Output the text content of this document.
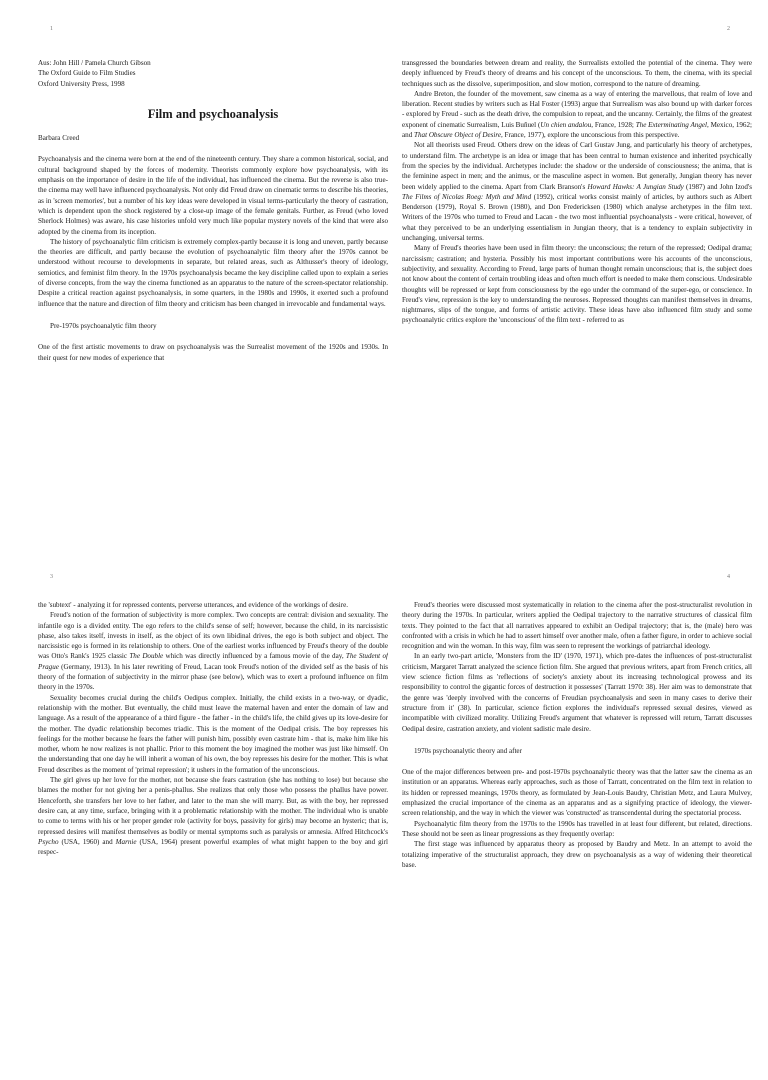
1
Aus: John Hill / Pamela Church Gibson
The Oxford Guide to Film Studies
Oxford University Press, 1998
Film and psychoanalysis
Barbara Creed

Psychoanalysis and the cinema were born at the end of the nineteenth century. They share a common historical, social, and cultural background shaped by the forces of modernity. Theorists commonly explore how psychoanalysis, with its emphasis on the importance of desire in the life of the individual, has influenced the cinema. But the reverse is also true-the cinema may well have influenced psychoanalysis. Not only did Freud draw on cinematic terms to describe his theories, as in 'screen memories', but a number of his key ideas were developed in visual terms-particularly the theory of castration, which is dependent upon the shock registered by a close-up image of the female genitals. Further, as Freud (who loved Sherlock Holmes) was aware, his case histories unfold very much like popular mystery novels of the kind that were also adopted by the cinema from its inception.

The history of psychoanalytic film criticism is extremely complex-partly because it is long and uneven, partly because the theories are difficult, and partly because the evolution of psychoanalytic film theory after the 1970s cannot be understood without recourse to developments in separate, but related areas, such as Althusser's theory of ideology, semiotics, and feminist film theory. In the 1970s psychoanalysis became the key discipline called upon to explain a series of diverse concepts, from the way the cinema functioned as an apparatus to the nature of the screen-spectator relationship. Despite a critical reaction against psychoanalysis, in some quarters, in the 1980s and 1990s, it exerted such a profound influence that the nature and direction of film theory and criticism has been changed in irrevocable and fundamental ways.

Pre-1970s psychoanalytic film theory

One of the first artistic movements to draw on psychoanalysis was the Surrealist movement of the 1920s and 1930s. In their quest for new modes of experience that

2

transgressed the boundaries between dream and reality, the Surrealists extolled the potential of the cinema. They were deeply influenced by Freud's theory of dreams and his concept of the unconscious. To them, the cinema, with its special techniques such as the dissolve, superimposition, and slow motion, correspond to the nature of dreaming.

Andre Breton, the founder of the movement, saw cinema as a way of entering the marvellous, that realm of love and liberation. Recent studies by writers such as Hal Foster (1993) argue that Surrealism was also bound up with darker forces - explored by Freud - such as the death drive, the compulsion to repeat, and the uncanny. Certainly, the films of the greatest exponent of cinematic Surrealism, Luis Buñuel (Un chien andalou, France, 1928; The Exterminating Angel, Mexico, 1962; and That Obscure Object of Desire, France, 1977), explore the unconscious from this perspective.

Not all theorists used Freud. Others drew on the ideas of Carl Gustav Jung, and particularly his theory of archetypes, to understand film. The archetype is an idea or image that has been central to human existence and inherited psychically from the species by the individual. Archetypes include: the shadow or the underside of consciousness; the anima, that is the feminine aspect in men; and the animus, or the masculine aspect in women. But generally, Jungian theory has never been widely applied to the cinema. Apart from Clark Branson's Howard Hawks: A Jungian Study (1987) and John Izod's The Films of Nicolas Roeg: Myth and Mind (1992), critical works consist mainly of articles, by authors such as Albert Benderson (1979), Royal S. Brown (1980), and Don Fredericksen (1980) which analyse archetypes in the film text. Writers of the 1970s who turned to Freud and Lacan - the two most influential psychoanalysts - were critical, however, of what they perceived to be an underlying essentialism in Jungian theory, that is a tendency to explain subjectivity in unchanging, universal terms.

Many of Freud's theories have been used in film theory: the unconscious; the return of the repressed; Oedipal drama; narcissism; castration; and hysteria. Possibly his most important contributions were his accounts of the unconscious, subjectivity, and sexuality. According to Freud, large parts of human thought remain unconscious; that is, the subject does not know about the content of certain troubling ideas and often much effort is needed to make them conscious. Undesirable thoughts will be repressed or kept from consciousness by the ego under the command of the super-ego, or conscience. In Freud's view, repression is the key to understanding the neuroses. Repressed thoughts can manifest themselves in dreams, nightmares, slips of the tongue, and forms of artistic activity. These ideas have also influenced film study and some psychoanalytic critics explore the 'unconscious' of the film text - referred to as

3

the 'subtext' - analyzing it for repressed contents, perverse utterances, and evidence of the workings of desire.

Freud's notion of the formation of subjectivity is more complex. Two concepts are central: division and sexuality. The infantile ego is a divided entity. The ego refers to the child's sense of self; however, because the child, in its narcissistic phase, also takes itself, invests in itself, as the object of its own libidinal drives, the ego is both subject and object. The narcissistic ego is formed in its relationship to others. One of the earliest works influenced by Freud's theory of the double was Otto's Rank's 1925 classic The Double which was directly influenced by a famous movie of the day, The Student of Prague (Germany, 1913). In his later rewriting of Freud, Lacan took Freud's notion of the divided self as the basis of his theory of the formation of subjectivity in the mirror phase (see below), which was to exert a profound influence on film theory in the 1970s.

Sexuality becomes crucial during the child's Oedipus complex. Initially, the child exists in a two-way, or dyadic, relationship with the mother. But eventually, the child must leave the maternal haven and enter the domain of law and language. As a result of the appearance of a third figure - the father - in the child's life, the child gives up its love-desire for the mother. The dyadic relationship becomes triadic. This is the moment of the Oedipal crisis. The boy represses his feelings for the mother because he fears the father will punish him, possibly even castrate him - that is, make him like his mother, whom he now realizes is not phallic. Prior to this moment the boy imagined the mother was just like himself. On the understanding that one day he will inherit a woman of his own, the boy represses his desire for the mother. This is what Freud describes as the moment of 'primal repression'; it ushers in the formation of the unconscious.

The girl gives up her love for the mother, not because she fears castration (she has nothing to lose) but because she blames the mother for not giving her a penis-phallus. She realizes that only those who possess the phallus have power. Henceforth, she transfers her love to her father, and later to the man she will marry. But, as with the boy, her repressed desire can, at any time, surface, bringing with it a problematic relationship with the mother. The individual who is unable to come to terms with his or her proper gender role (activity for boys, passivity for girls) may become an hysteric; that is, repressed desires will manifest themselves as bodily or mental symptoms such as paralysis or amnesia. Alfred Hitchcock's Psycho (USA, 1960) and Marnie (USA, 1964) present powerful examples of what might happen to the boy and girl respec-

4

Freud's theories were discussed most systematically in relation to the cinema after the post-structuralist revolution in theory during the 1970s. In particular, writers applied the Oedipal trajectory to the narrative structures of classical film texts. They pointed to the fact that all narratives appeared to exhibit an Oedipal trajectory; that is, the (male) hero was confronted with a crisis in which he had to assert himself over another male, often a father figure, in order to achieve social recognition and win the woman. In this way, film was seen to represent the workings of patriarchal ideology.

In an early two-part article, 'Monsters from the ID' (1970, 1971), which pre-dates the influences of post-structuralist criticism, Margaret Tarratt analyzed the science fiction film. She argued that previous writers, apart from French critics, all view science fiction films as 'reflections of society's anxiety about its increasing technological prowess and its responsibility to control the gigantic forces of destruction it possesses' (Tarratt 1970: 38). Her aim was to demonstrate that the genre was 'deeply involved with the concerns of Freudian psychoanalysis and seen in many cases to derive their structure from it' (38). In particular, science fiction explores the individual's repressed sexual desires, viewed as incompatible with civilized morality. Utilizing Freud's argument that whatever is repressed will return, Tarratt discusses Oedipal desire, castration anxiety, and violent sadistic male desire.

1970s psychoanalytic theory and after

One of the major differences between pre- and post-1970s psychoanalytic theory was that the latter saw the cinema as an institution or an apparatus. Whereas early approaches, such as those of Tarratt, concentrated on the film text in relation to its hidden or repressed meanings, 1970s theory, as formulated by Jean-Louis Baudry, Christian Metz, and Laura Mulvey, emphasized the crucial importance of the cinema as an apparatus and as a signifying practice of ideology, the viewer-screen relationship, and the way in which the viewer was 'constructed' as transcendental during the spectatorial process.

Psychoanalytic film theory from the 1970s to the 1990s has travelled in at least four different, but related, directions. These should not be seen as linear progressions as they frequently overlap:

The first stage was influenced by apparatus theory as proposed by Baudry and Metz. In an attempt to avoid the totalizing imperative of the structuralist approach, they drew on psychoanalysis as a way of widening their theoretical base.
